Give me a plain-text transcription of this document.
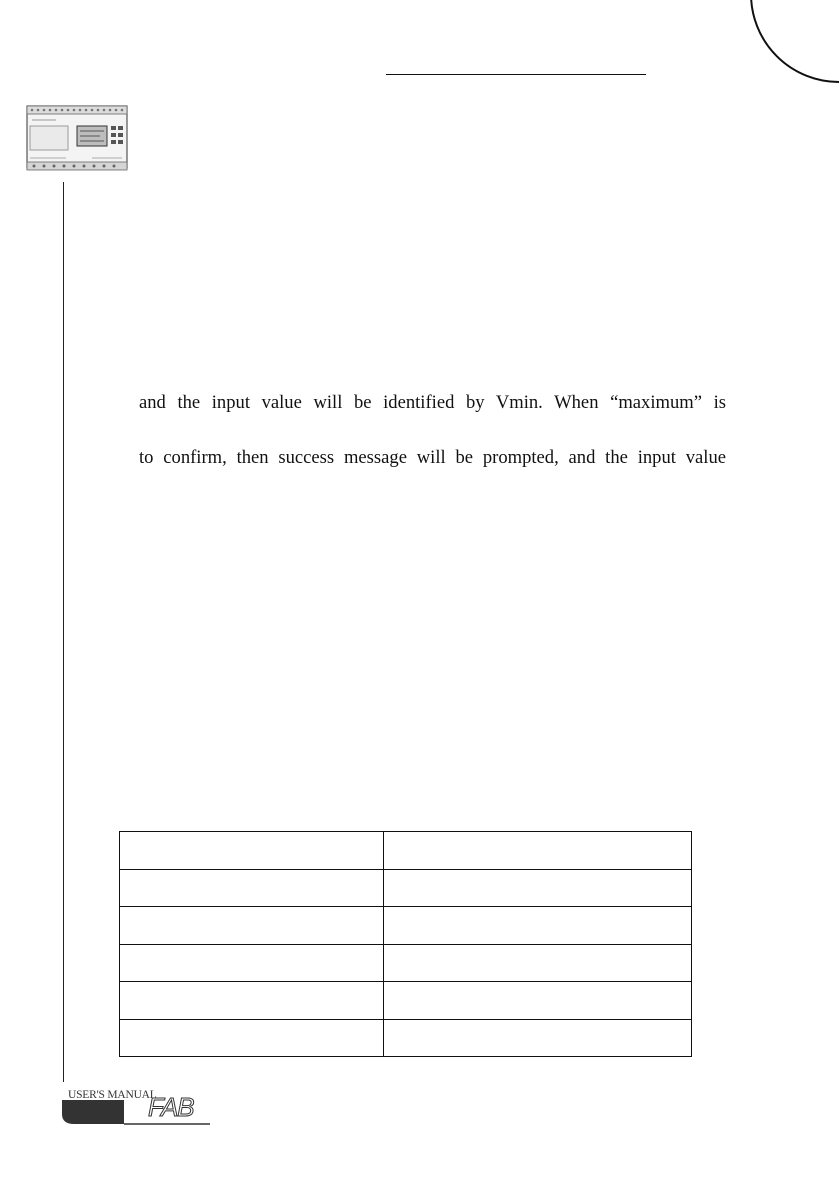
and the input value will be identified by Vmin. When “maximum” is
to confirm, then success message will be prompted, and the input value

USER'S MANUAL
FAB
